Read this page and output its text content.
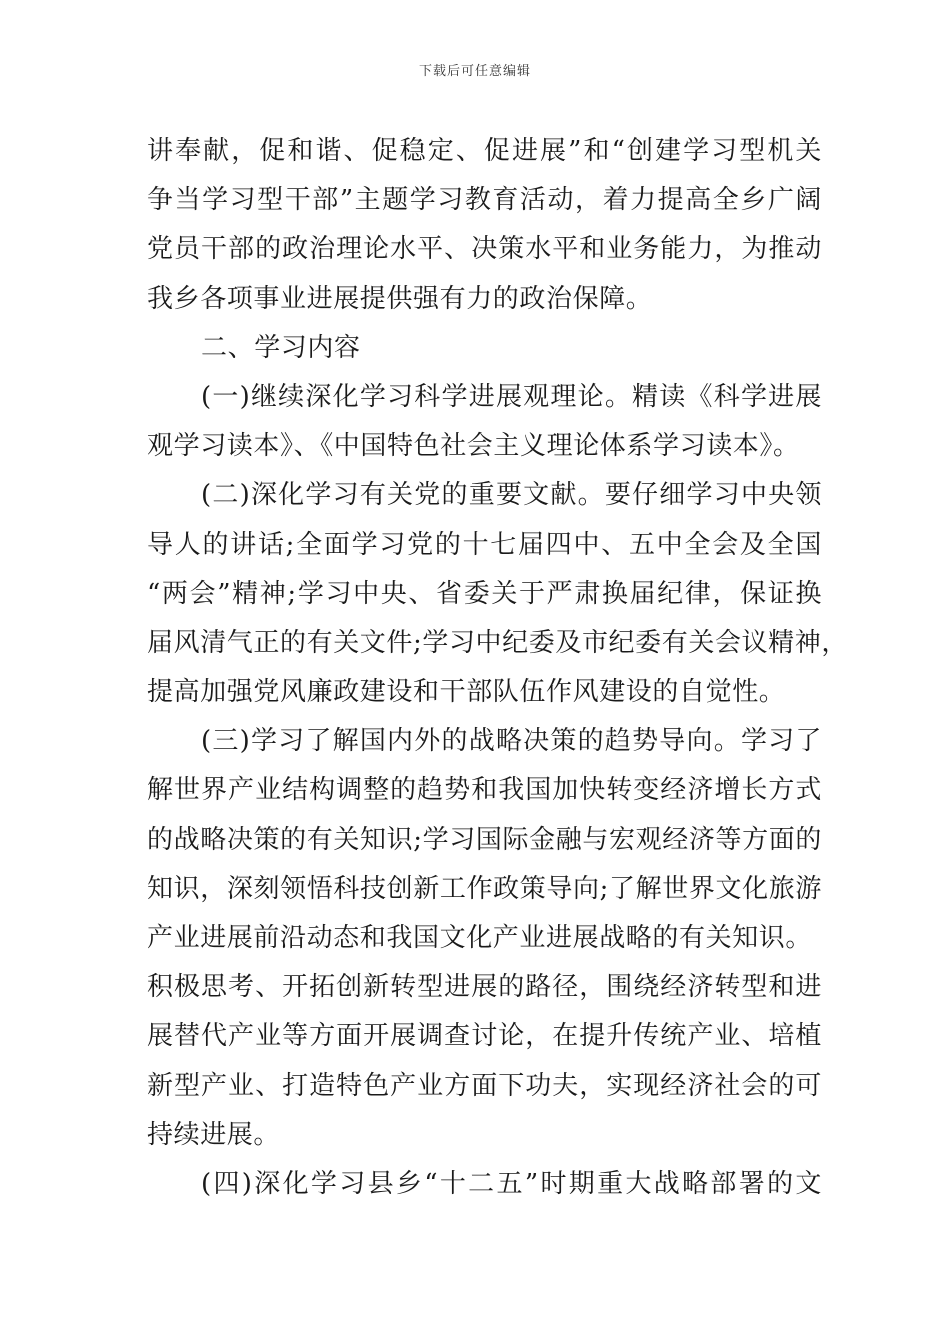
下载后可任意编辑
讲奉献，促和谐、促稳定、促进展”和“创建学习型机关
争当学习型干部”主题学习教育活动，着力提高全乡广阔
党员干部的政治理论水平、决策水平和业务能力，为推动
我乡各项事业进展提供强有力的政治保障。
二、学习内容
(一)继续深化学习科学进展观理论。精读《科学进展
观学习读本》、《中国特色社会主义理论体系学习读本》。
(二)深化学习有关党的重要文献。要仔细学习中央领
导人的讲话;全面学习党的十七届四中、五中全会及全国
“两会”精神;学习中央、省委关于严肃换届纪律，保证换
届风清气正的有关文件;学习中纪委及市纪委有关会议精神，
提高加强党风廉政建设和干部队伍作风建设的自觉性。
(三)学习了解国内外的战略决策的趋势导向。学习了
解世界产业结构调整的趋势和我国加快转变经济增长方式
的战略决策的有关知识;学习国际金融与宏观经济等方面的
知识，深刻领悟科技创新工作政策导向;了解世界文化旅游
产业进展前沿动态和我国文化产业进展战略的有关知识。
积极思考、开拓创新转型进展的路径，围绕经济转型和进
展替代产业等方面开展调查讨论，在提升传统产业、培植
新型产业、打造特色产业方面下功夫，实现经济社会的可
持续进展。
(四)深化学习县乡“十二五”时期重大战略部署的文
